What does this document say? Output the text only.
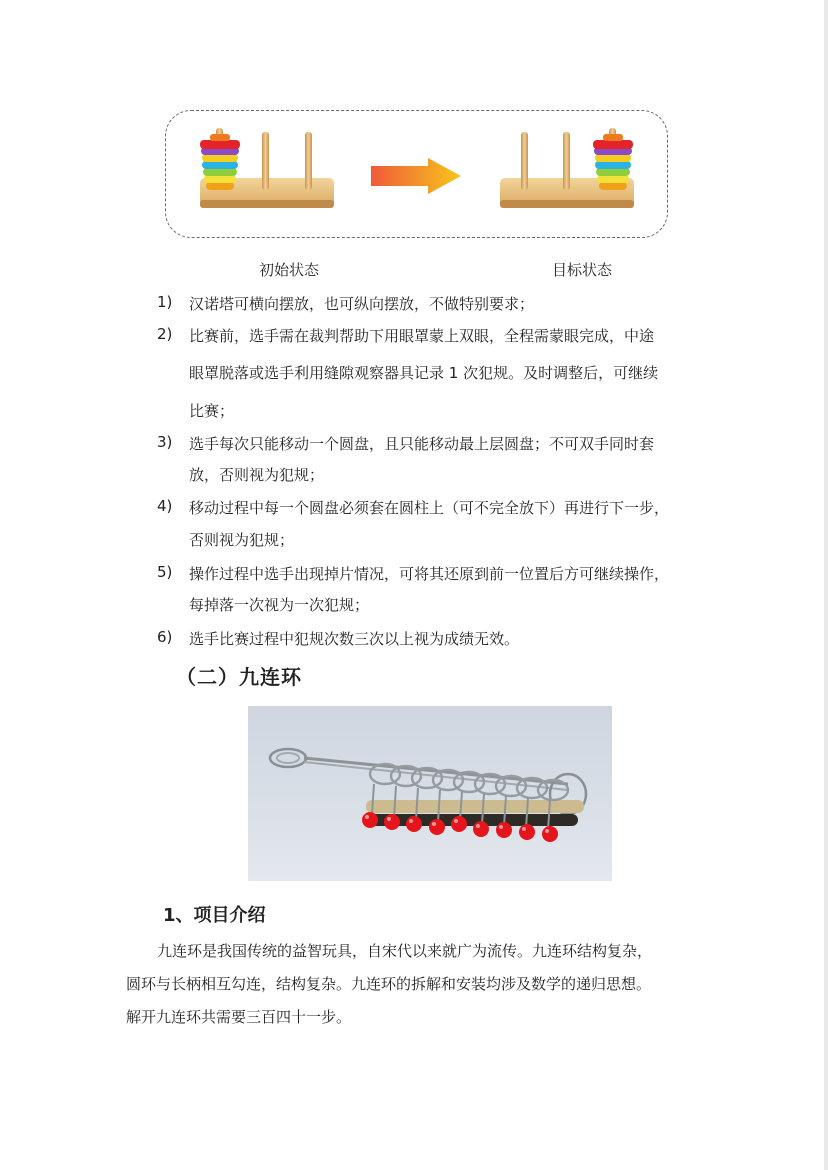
初始状态	目标状态
1) 汉诺塔可横向摆放，也可纵向摆放，不做特别要求；
2) 比赛前，选手需在裁判帮助下用眼罩蒙上双眼，全程需蒙眼完成，中途
眼罩脱落或选手利用缝隙观察器具记录 1 次犯规。及时调整后，可继续
比赛；
3) 选手每次只能移动一个圆盘，且只能移动最上层圆盘；不可双手同时套
放，否则视为犯规；
4) 移动过程中每一个圆盘必须套在圆柱上（可不完全放下）再进行下一步，
否则视为犯规；
5) 操作过程中选手出现掉片情况，可将其还原到前一位置后方可继续操作，
每掉落一次视为一次犯规；
6) 选手比赛过程中犯规次数三次以上视为成绩无效。
（二）九连环
1、项目介绍
九连环是我国传统的益智玩具，自宋代以来就广为流传。九连环结构复杂，
圆环与长柄相互勾连，结构复杂。九连环的拆解和安装均涉及数学的递归思想。
解开九连环共需要三百四十一步。
